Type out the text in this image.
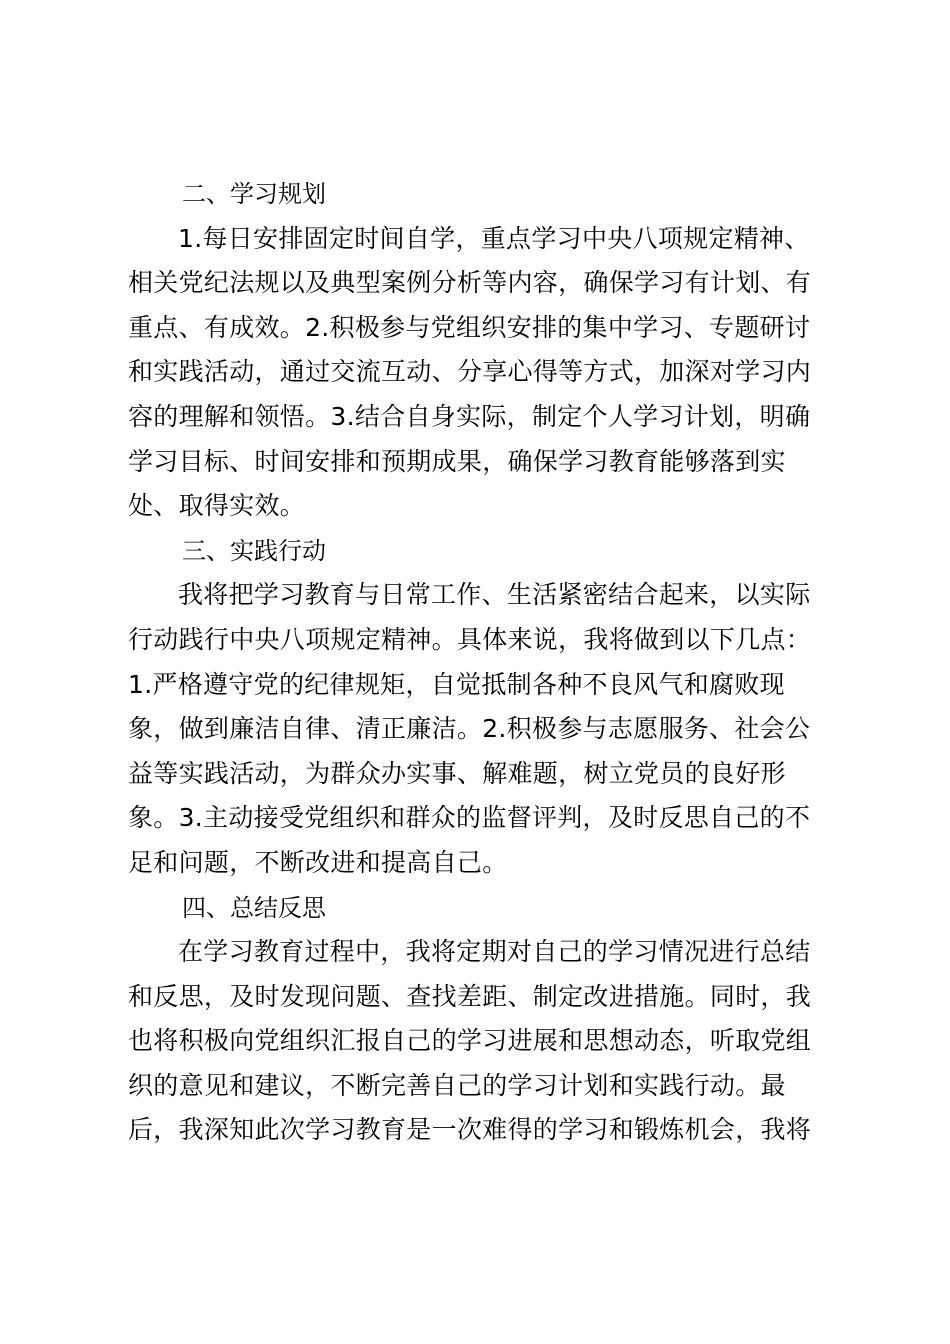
二、学习规划

1.每日安排固定时间自学，重点学习中央八项规定精神、
相关党纪法规以及典型案例分析等内容，确保学习有计划、有
重点、有成效。2.积极参与党组织安排的集中学习、专题研讨
和实践活动，通过交流互动、分享心得等方式，加深对学习内
容的理解和领悟。3.结合自身实际，制定个人学习计划，明确
学习目标、时间安排和预期成果，确保学习教育能够落到实
处、取得实效。

三、实践行动

我将把学习教育与日常工作、生活紧密结合起来，以实际
行动践行中央八项规定精神。具体来说，我将做到以下几点：
1.严格遵守党的纪律规矩，自觉抵制各种不良风气和腐败现
象，做到廉洁自律、清正廉洁。2.积极参与志愿服务、社会公
益等实践活动，为群众办实事、解难题，树立党员的良好形
象。3.主动接受党组织和群众的监督评判，及时反思自己的不
足和问题，不断改进和提高自己。

四、总结反思

在学习教育过程中，我将定期对自己的学习情况进行总结
和反思，及时发现问题、查找差距、制定改进措施。同时，我
也将积极向党组织汇报自己的学习进展和思想动态，听取党组
织的意见和建议，不断完善自己的学习计划和实践行动。最
后，我深知此次学习教育是一次难得的学习和锻炼机会，我将
